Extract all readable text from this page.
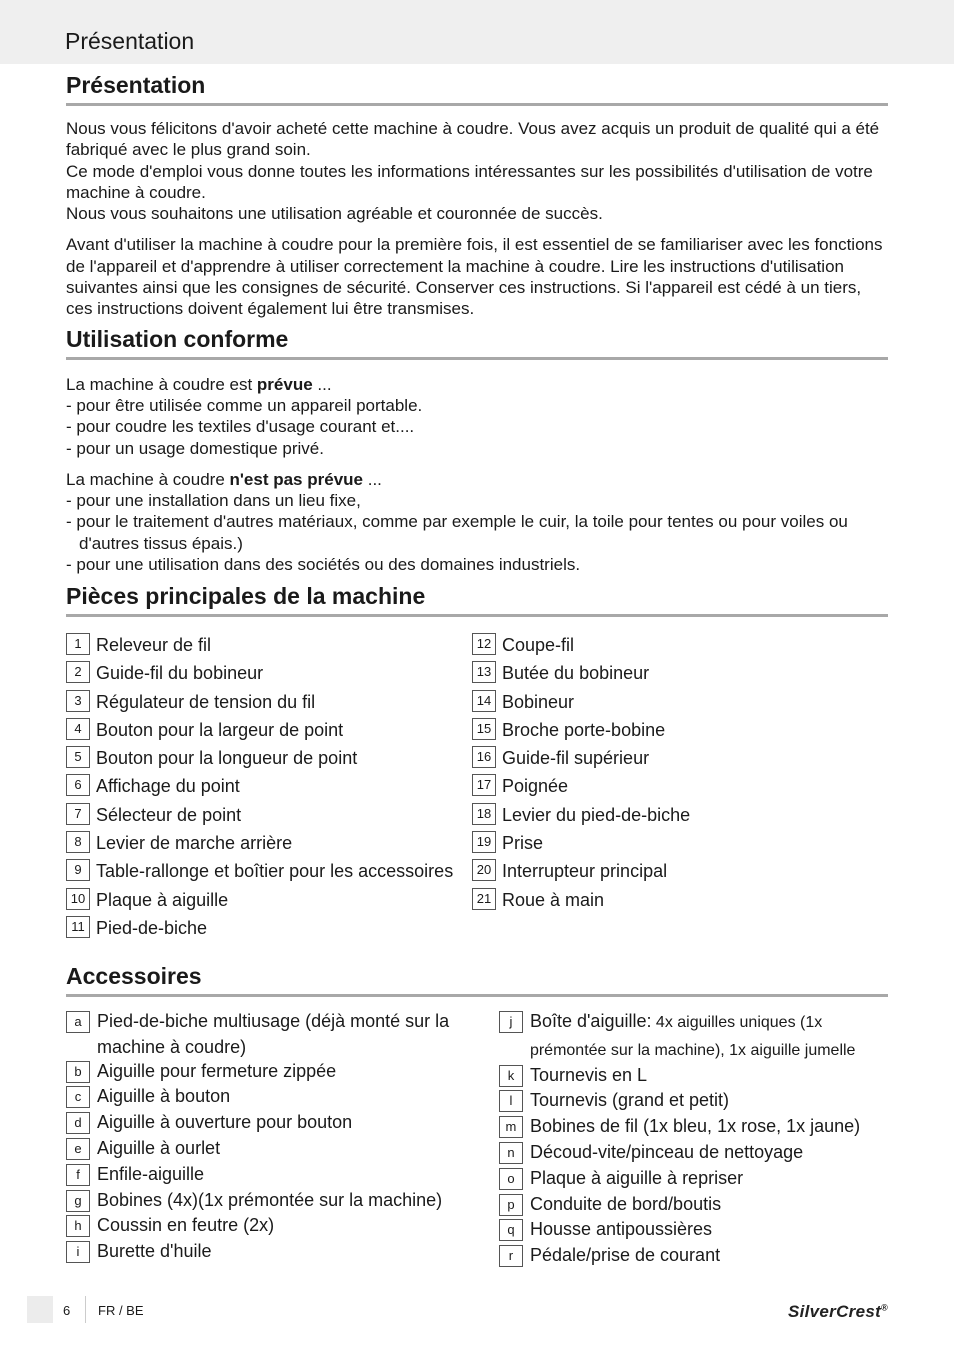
Présentation
Présentation

Nous vous félicitons d'avoir acheté cette machine à coudre. Vous avez acquis un produit de qualité qui a été fabriqué avec le plus grand soin.

Ce mode d'emploi vous donne toutes les informations intéressantes sur les possibilités d'utilisation de votre machine à coudre.

Nous vous souhaitons une utilisation agréable et couronnée de succès.

Avant d'utiliser la machine à coudre pour la première fois, il est essentiel de se familiariser avec les fonctions de l'appareil et d'apprendre à utiliser correctement la machine à coudre. Lire les instructions d'utilisation suivantes ainsi que les consignes de sécurité. Conserver ces instructions. Si l'appareil est cédé à un tiers, ces instructions doivent également lui être transmises.

Utilisation conforme
La machine à coudre est prévue ...
- pour être utilisée comme un appareil portable.
- pour coudre les textiles d'usage courant et....
- pour un usage domestique privé.
La machine à coudre n'est pas prévue ...
- pour une installation dans un lieu fixe,
- pour le traitement d'autres matériaux, comme par exemple le cuir, la toile pour tentes ou pour voiles ou d'autres tissus épais.)
- pour une utilisation dans des sociétés ou des domaines industriels.
Pièces principales de la machine
1 Releveur de fil
2 Guide-fil du bobineur
3 Régulateur de tension du fil
4 Bouton pour la largeur de point
5 Bouton pour la longueur de point
6 Affichage du point
7 Sélecteur de point
8 Levier de marche arrière
9 Table-rallonge et boîtier pour les accessoires
10 Plaque à aiguille
11 Pied-de-biche
12 Coupe-fil
13 Butée du bobineur
14 Bobineur
15 Broche porte-bobine
16 Guide-fil supérieur
17 Poignée
18 Levier du pied-de-biche
19 Prise
20 Interrupteur principal
21 Roue à main
Accessoires
a Pied-de-biche multiusage (déjà monté sur la machine à coudre)
b Aiguille pour fermeture zippée
c Aiguille à bouton
d Aiguille à ouverture pour bouton
e Aiguille à ourlet
f Enfile-aiguille
g Bobines (4x)(1x prémontée sur la machine)
h Coussin en feutre (2x)
i Burette d'huile
j Boîte d'aiguille: 4x aiguilles uniques (1x prémontée sur la machine), 1x aiguille jumelle
k Tournevis en L
l Tournevis (grand et petit)
m Bobines de fil (1x bleu, 1x rose, 1x jaune)
n Découd-vite/pinceau de nettoyage
o Plaque à aiguille à repriser
p Conduite de bord/boutis
q Housse antipoussières
r Pédale/prise de courant
6 FR / BE	SilverCrest®
